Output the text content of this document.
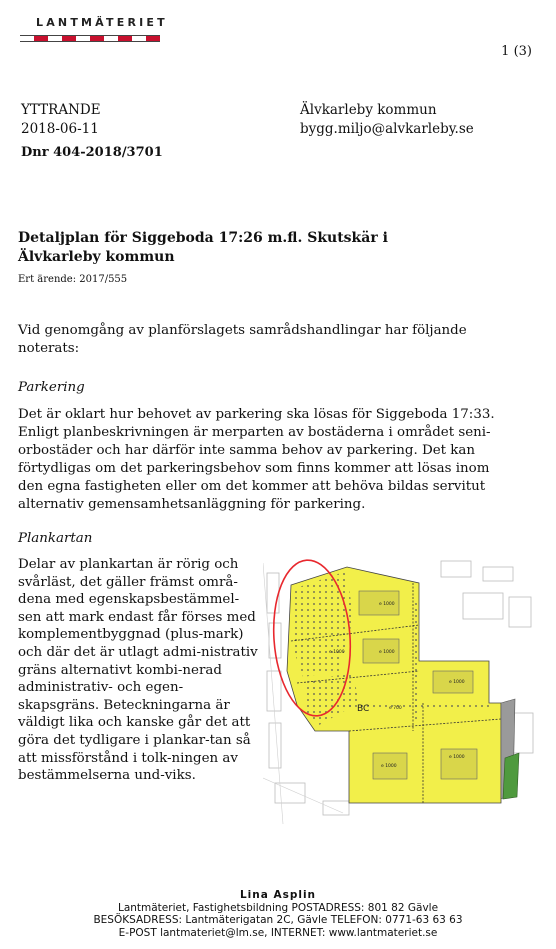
LANTMÄTERIET
1 (3)
YTTRANDE
2018-06-11
Dnr 404-2018/3701
Älvkarleby kommun
bygg.miljo@alvkarleby.se
Detaljplan för Siggeboda 17:26 m.fl. Skutskär i Älvkarleby kommun
Ert ärende: 2017/555
Vid genomgång av planförslagets samrådshandlingar har följande noterats:
Parkering
Det är oklart hur behovet av parkering ska lösas för Siggeboda 17:33. Enligt planbeskrivningen är merparten av bostäderna i området seni-orbostäder och har därför inte samma behov av parkering. Det kan förtydligas om det parkeringsbehov som finns kommer att lösas inom den egna fastigheten eller om det kommer att behöva bildas servitut alternativ gemensamhetsanläggning för parkering.
Plankartan
Delar av plankartan är rörig och svårläst, det gäller främst områ-dena med egenskapsbestämmel-sen att mark endast får förses med komplementbyggnad (plus-mark) och där det är utlagt admi-nistrativ gräns alternativt kombi-nerad administrativ- och egen-skapsgräns. Beteckningarna är väldigt lika och kanske går det att göra det tydligare i plankar-tan så att missförstånd i tolk-ningen av bestämmelserna und-viks.
e 1000
e 1000
e 1000
e 1000
e 1000
e 700
e 1000
BC
Lina Asplin
Lantmäteriet, Fastighetsbildning POSTADRESS: 801 82 Gävle
BESÖKSADRESS: Lantmäterigatan 2C, Gävle TELEFON: 0771-63 63 63
E-POST lantmateriet@lm.se, INTERNET: www.lantmateriet.se
